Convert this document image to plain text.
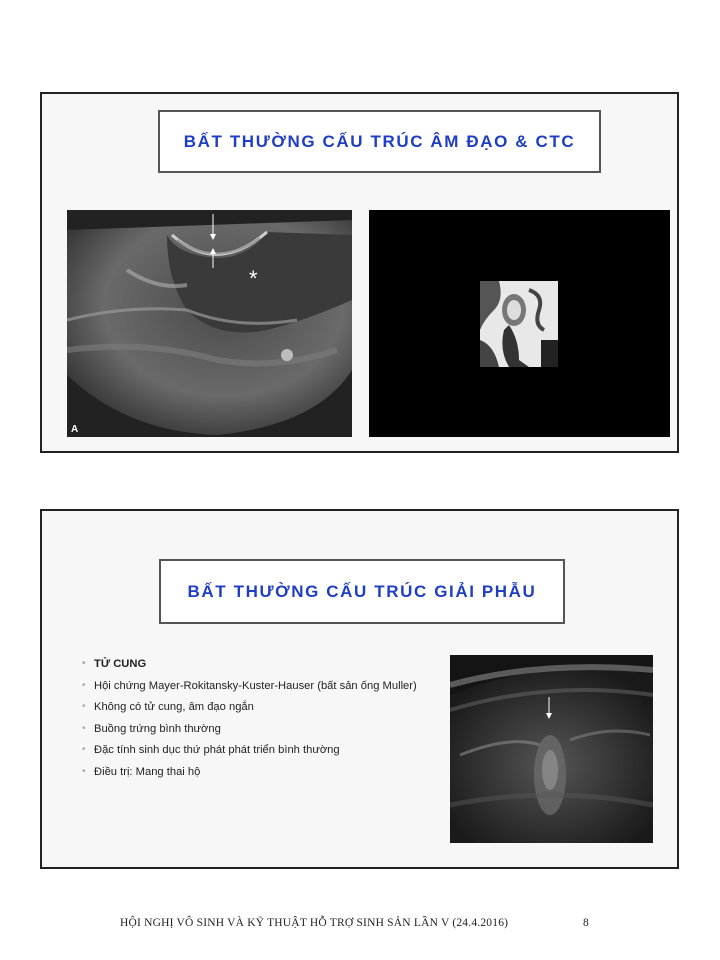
BẤT THƯỜNG CẤU TRÚC ÂM ĐẠO & CTC
*
A
BẤT THƯỜNG CẤU TRÚC GIẢI PHẪU
• TỬ CUNG
• Hội chứng Mayer-Rokitansky-Kuster-Hauser (bất sản ống Muller)
• Không có tử cung, âm đạo ngắn
• Buồng trứng bình thường
• Đặc tính sinh dục thứ phát phát triển bình thường
• Điều trị: Mang thai hộ
HỘI NGHỊ VÔ SINH VÀ KỸ THUẬT HỖ TRỢ SINH SẢN LẦN V (24.4.2016)	8
